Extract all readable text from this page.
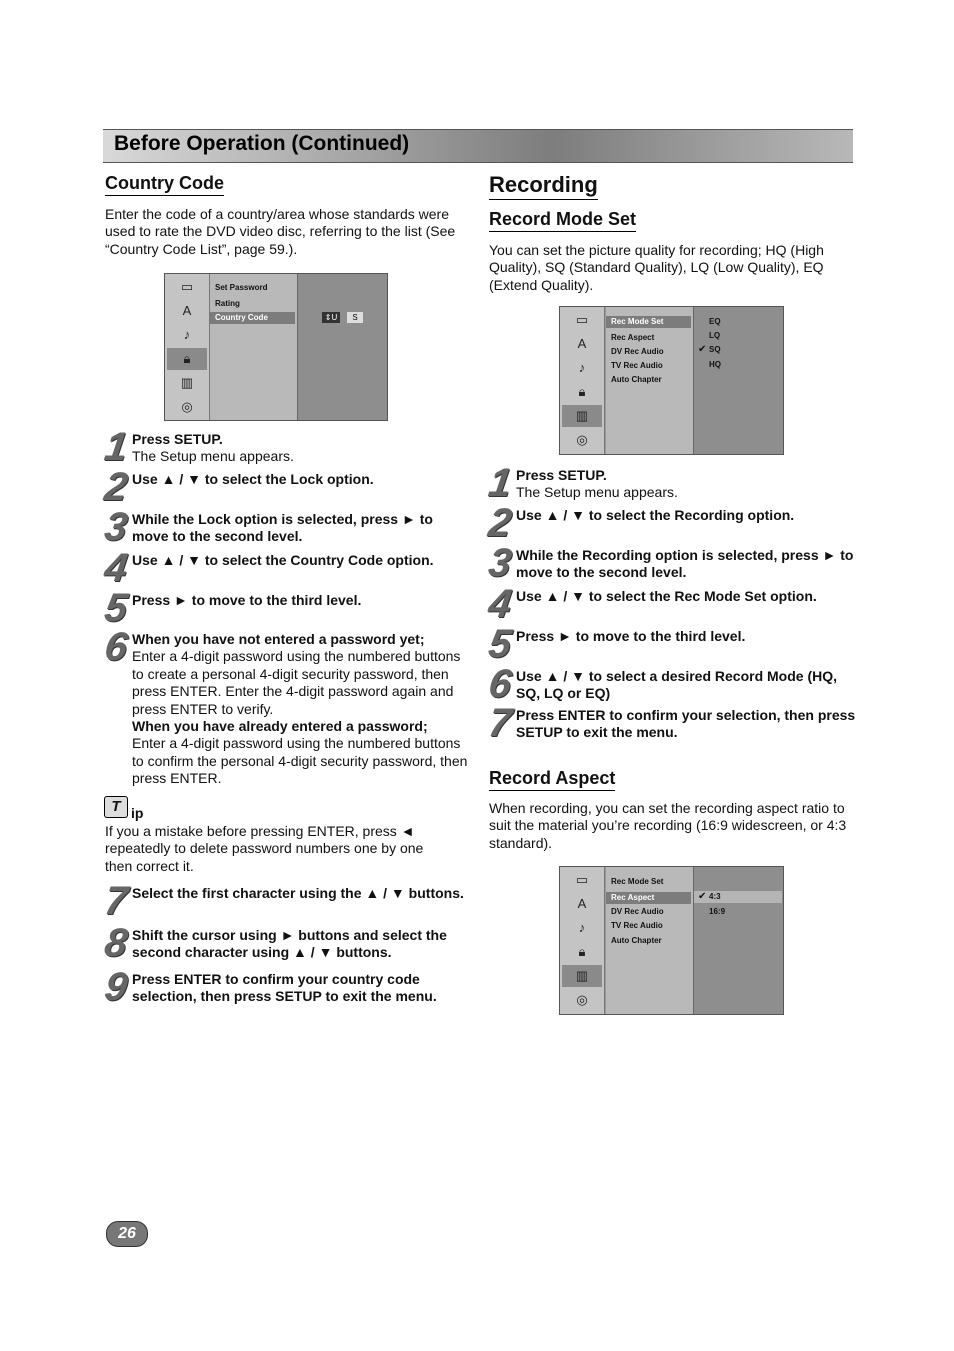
Before Operation (Continued)
Country Code
Enter the code of a country/area whose standards were used to rate the DVD video disc, referring to the list (See “Country Code List”, page 59.).
▭
A
♪
🔒︎
▥
◎
Set Password
Rating
Country Code	⇕U	S
1 Press SETUP.
The Setup menu appears.
2 Use ▲ / ▼ to select the Lock option.
3 While the Lock option is selected, press ► to move to the second level.
4 Use ▲ / ▼ to select the Country Code option.
5 Press ► to move to the third level.
6 When you have not entered a password yet;
Enter a 4-digit password using the numbered buttons to create a personal 4-digit security password, then press ENTER. Enter the 4-digit password again and press ENTER to verify.
When you have already entered a password;
Enter a 4-digit password using the numbered buttons to confirm the personal 4-digit security password, then press ENTER.
T ip
If you a mistake before pressing ENTER, press ◄ repeatedly to delete password numbers one by one then correct it.
7 Select the first character using the ▲ / ▼ buttons.
8 Shift the cursor using ► buttons and select the second character using ▲ / ▼ buttons.
9 Press ENTER to confirm your country code selection, then press SETUP to exit the menu.
Recording
Record Mode Set
You can set the picture quality for recording; HQ (High Quality), SQ (Standard Quality), LQ (Low Quality), EQ (Extend Quality).
▭
A
♪
🔒︎
▥
◎
Rec Mode Set
Rec Aspect
DV Rec Audio
TV Rec Audio
Auto Chapter
EQ
LQ
✔ SQ
HQ
1 Press SETUP.
The Setup menu appears.
2 Use ▲ / ▼ to select the Recording option.
3 While the Recording option is selected, press ► to move to the second level.
4 Use ▲ / ▼ to select the Rec Mode Set option.
5 Press ► to move to the third level.
6 Use ▲ / ▼ to select a desired Record Mode (HQ, SQ, LQ or EQ)
7 Press ENTER to confirm your selection, then press SETUP to exit the menu.
Record Aspect
When recording, you can set the recording aspect ratio to suit the material you’re recording (16:9 widescreen, or 4:3 standard).
▭
A
♪
🔒︎
▥
◎
Rec Mode Set
Rec Aspect
DV Rec Audio
TV Rec Audio
Auto Chapter
✔ 4:3
16:9
26
